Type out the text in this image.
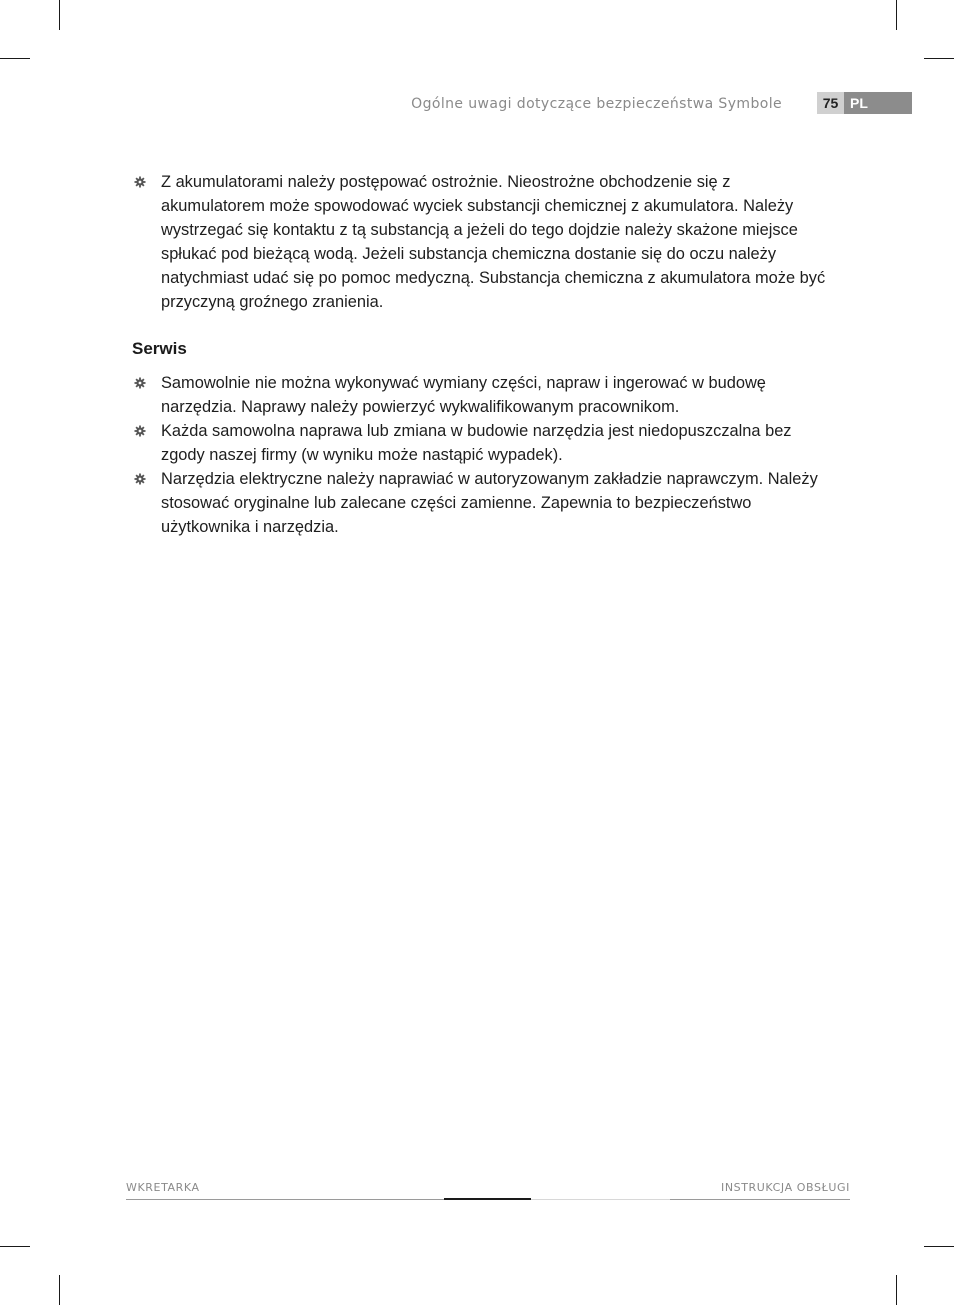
Ogólne uwagi dotyczące bezpieczeństwa Symbole	75 PL
Z akumulatorami należy postępować ostrożnie. Nieostrożne obchodzenie się z akumulatorem może spowodować wyciek substancji chemicznej z akumulatora. Należy wystrzegać się kontaktu z tą substancją a jeżeli do tego dojdzie należy skażone miejsce spłukać pod bieżącą wodą. Jeżeli substancja chemiczna dostanie się do oczu należy natychmiast udać się po pomoc medyczną. Substancja chemiczna z akumulatora może być przyczyną groźnego zranienia.
Serwis
Samowolnie nie można wykonywać wymiany części, napraw i ingerować w budowę narzędzia. Naprawy należy powierzyć wykwalifikowanym pracownikom.
Każda samowolna naprawa lub zmiana w budowie narzędzia jest niedopuszczalna bez zgody naszej firmy (w wyniku może nastąpić wypadek).
Narzędzia elektryczne należy naprawiać w autoryzowanym zakładzie naprawczym. Należy stosować oryginalne lub zalecane części zamienne. Zapewnia to bezpieczeństwo użytkownika i narzędzia.
WKRETARKA	INSTRUKCJA OBSŁUGI
